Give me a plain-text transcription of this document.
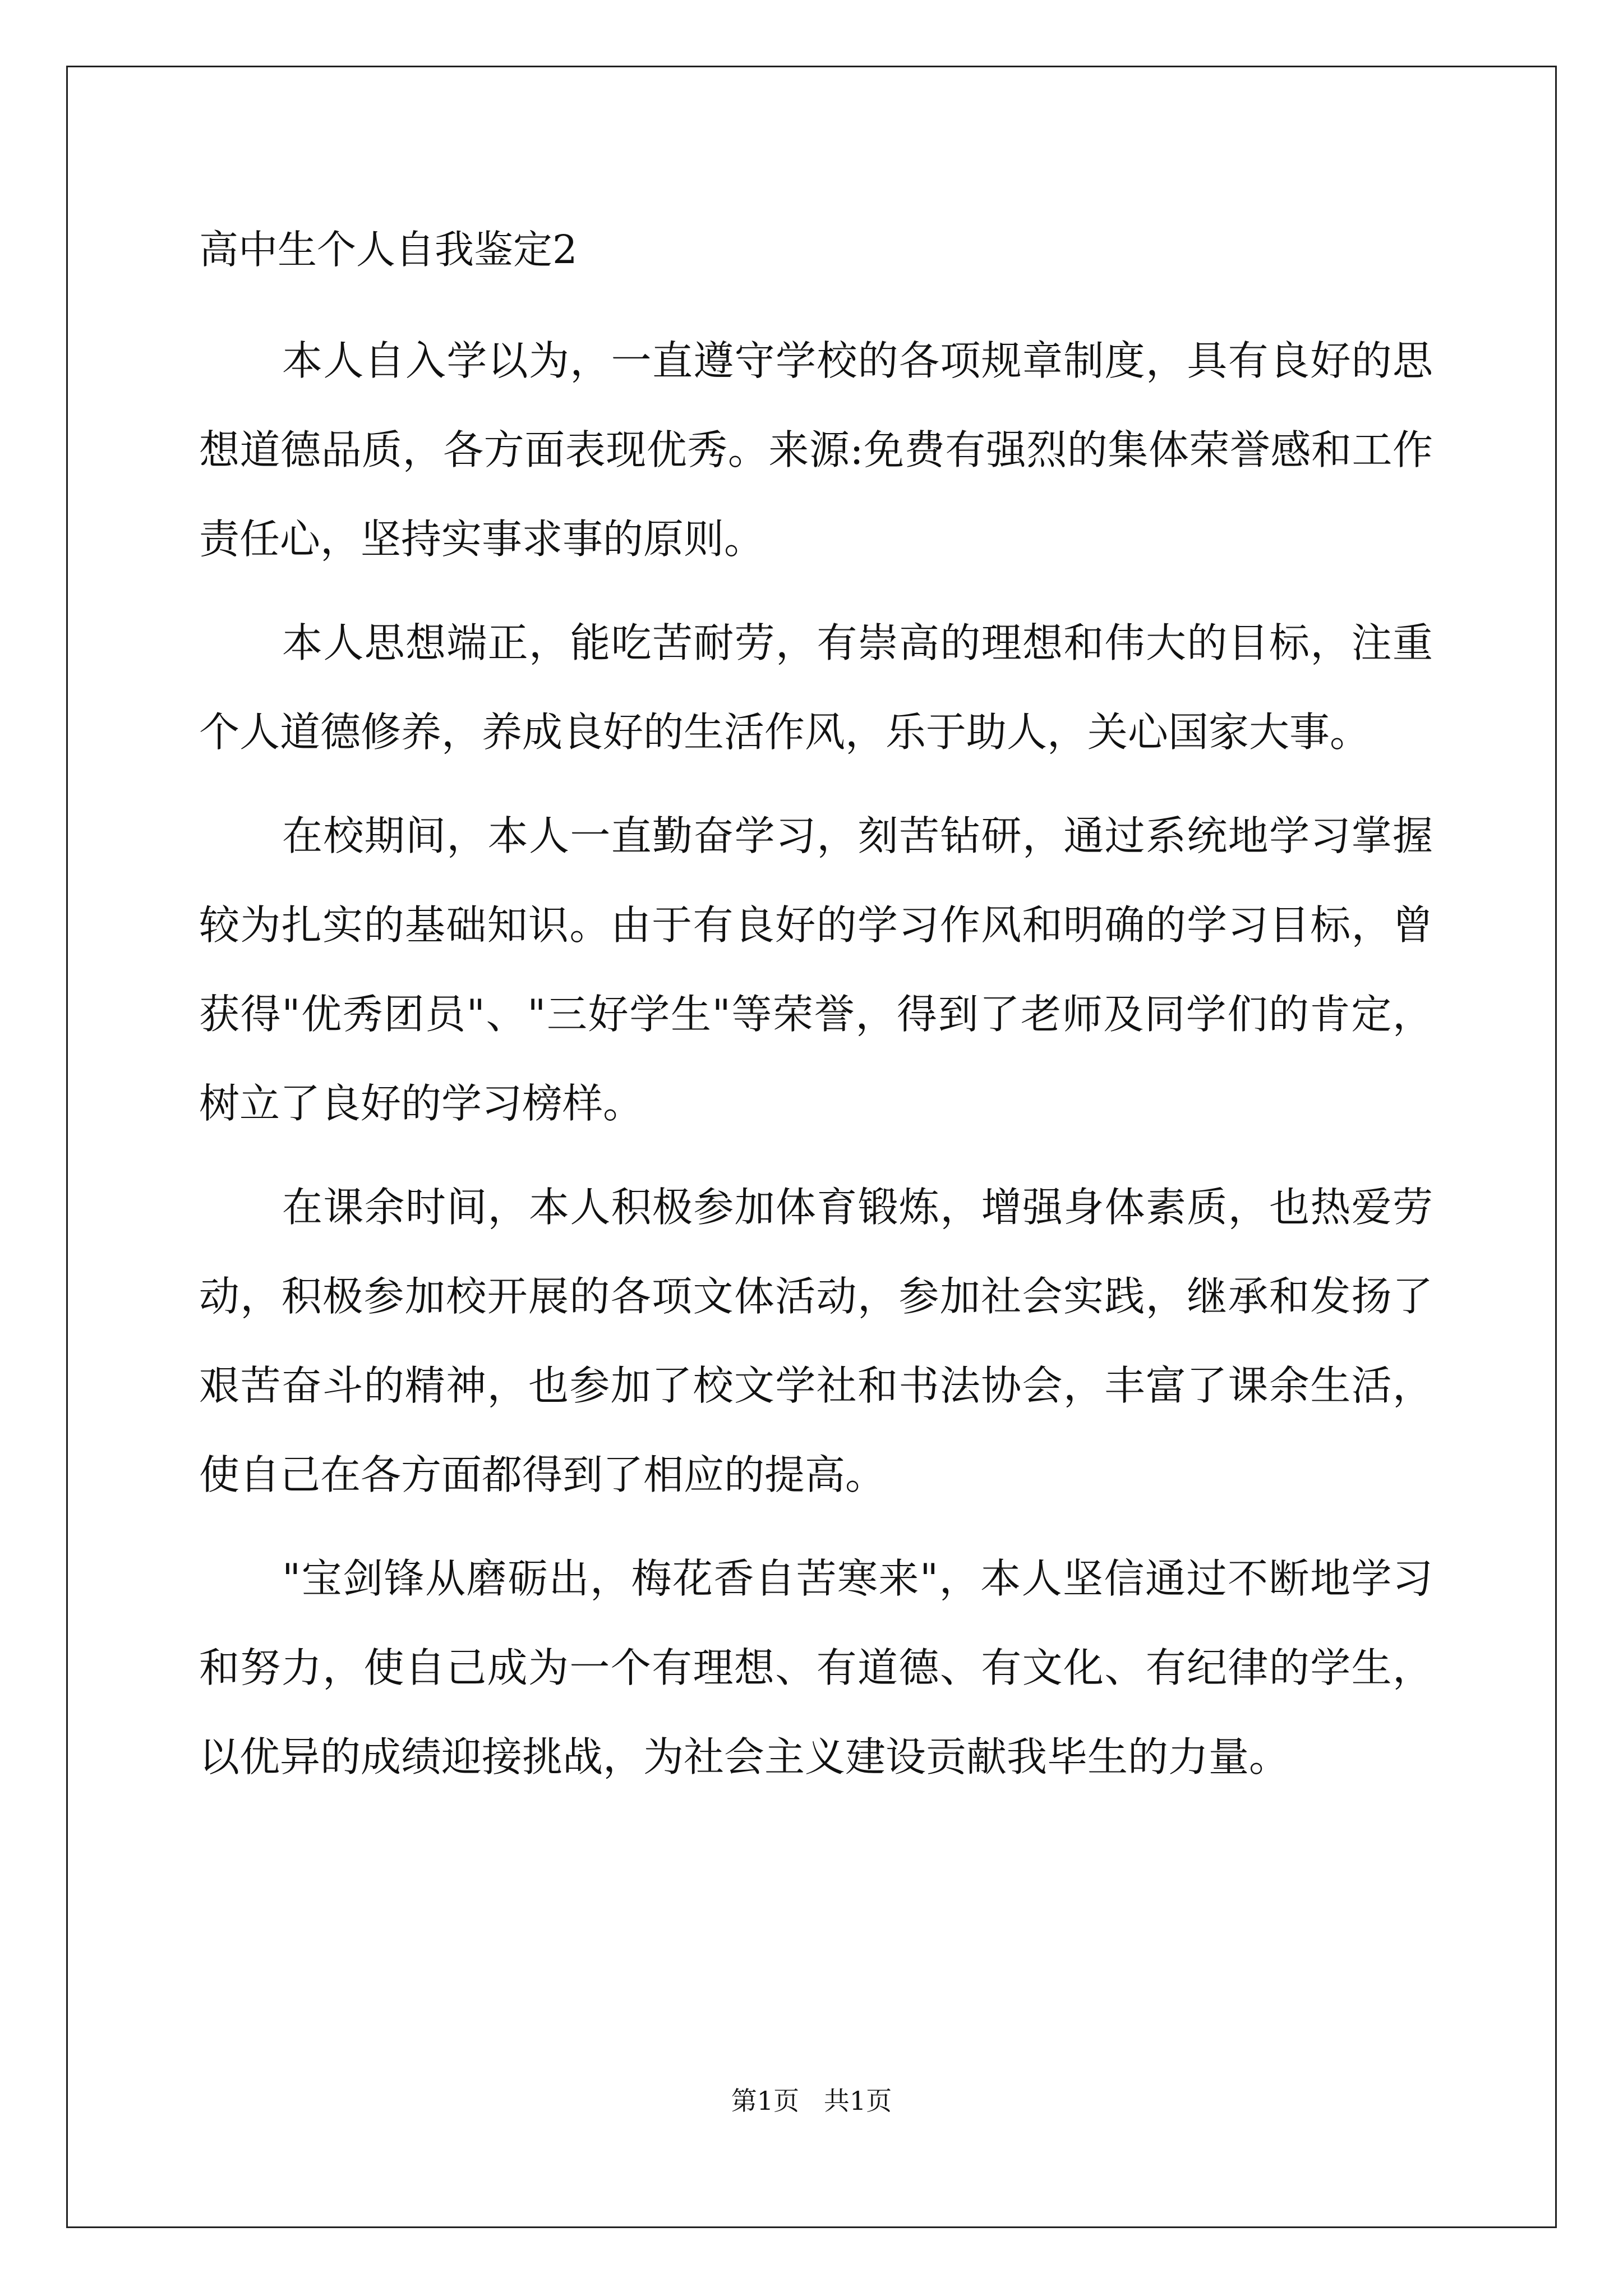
高中生个人自我鉴定2

本人自入学以为，一直遵守学校的各项规章制度，具有良好的思想道德品质，各方面表现优秀。来源:免费有强烈的集体荣誉感和工作责任心，坚持实事求事的原则。

本人思想端正，能吃苦耐劳，有崇高的理想和伟大的目标，注重个人道德修养，养成良好的生活作风，乐于助人，关心国家大事。

在校期间，本人一直勤奋学习，刻苦钻研，通过系统地学习掌握较为扎实的基础知识。由于有良好的学习作风和明确的学习目标，曾获得"优秀团员"、"三好学生"等荣誉，得到了老师及同学们的肯定，树立了良好的学习榜样。

在课余时间，本人积极参加体育锻炼，增强身体素质，也热爱劳动，积极参加校开展的各项文体活动，参加社会实践，继承和发扬了艰苦奋斗的精神，也参加了校文学社和书法协会，丰富了课余生活，使自己在各方面都得到了相应的提高。

"宝剑锋从磨砺出，梅花香自苦寒来"，本人坚信通过不断地学习和努力，使自己成为一个有理想、有道德、有文化、有纪律的学生，以优异的成绩迎接挑战，为社会主义建设贡献我毕生的力量。

第1页   共1页
